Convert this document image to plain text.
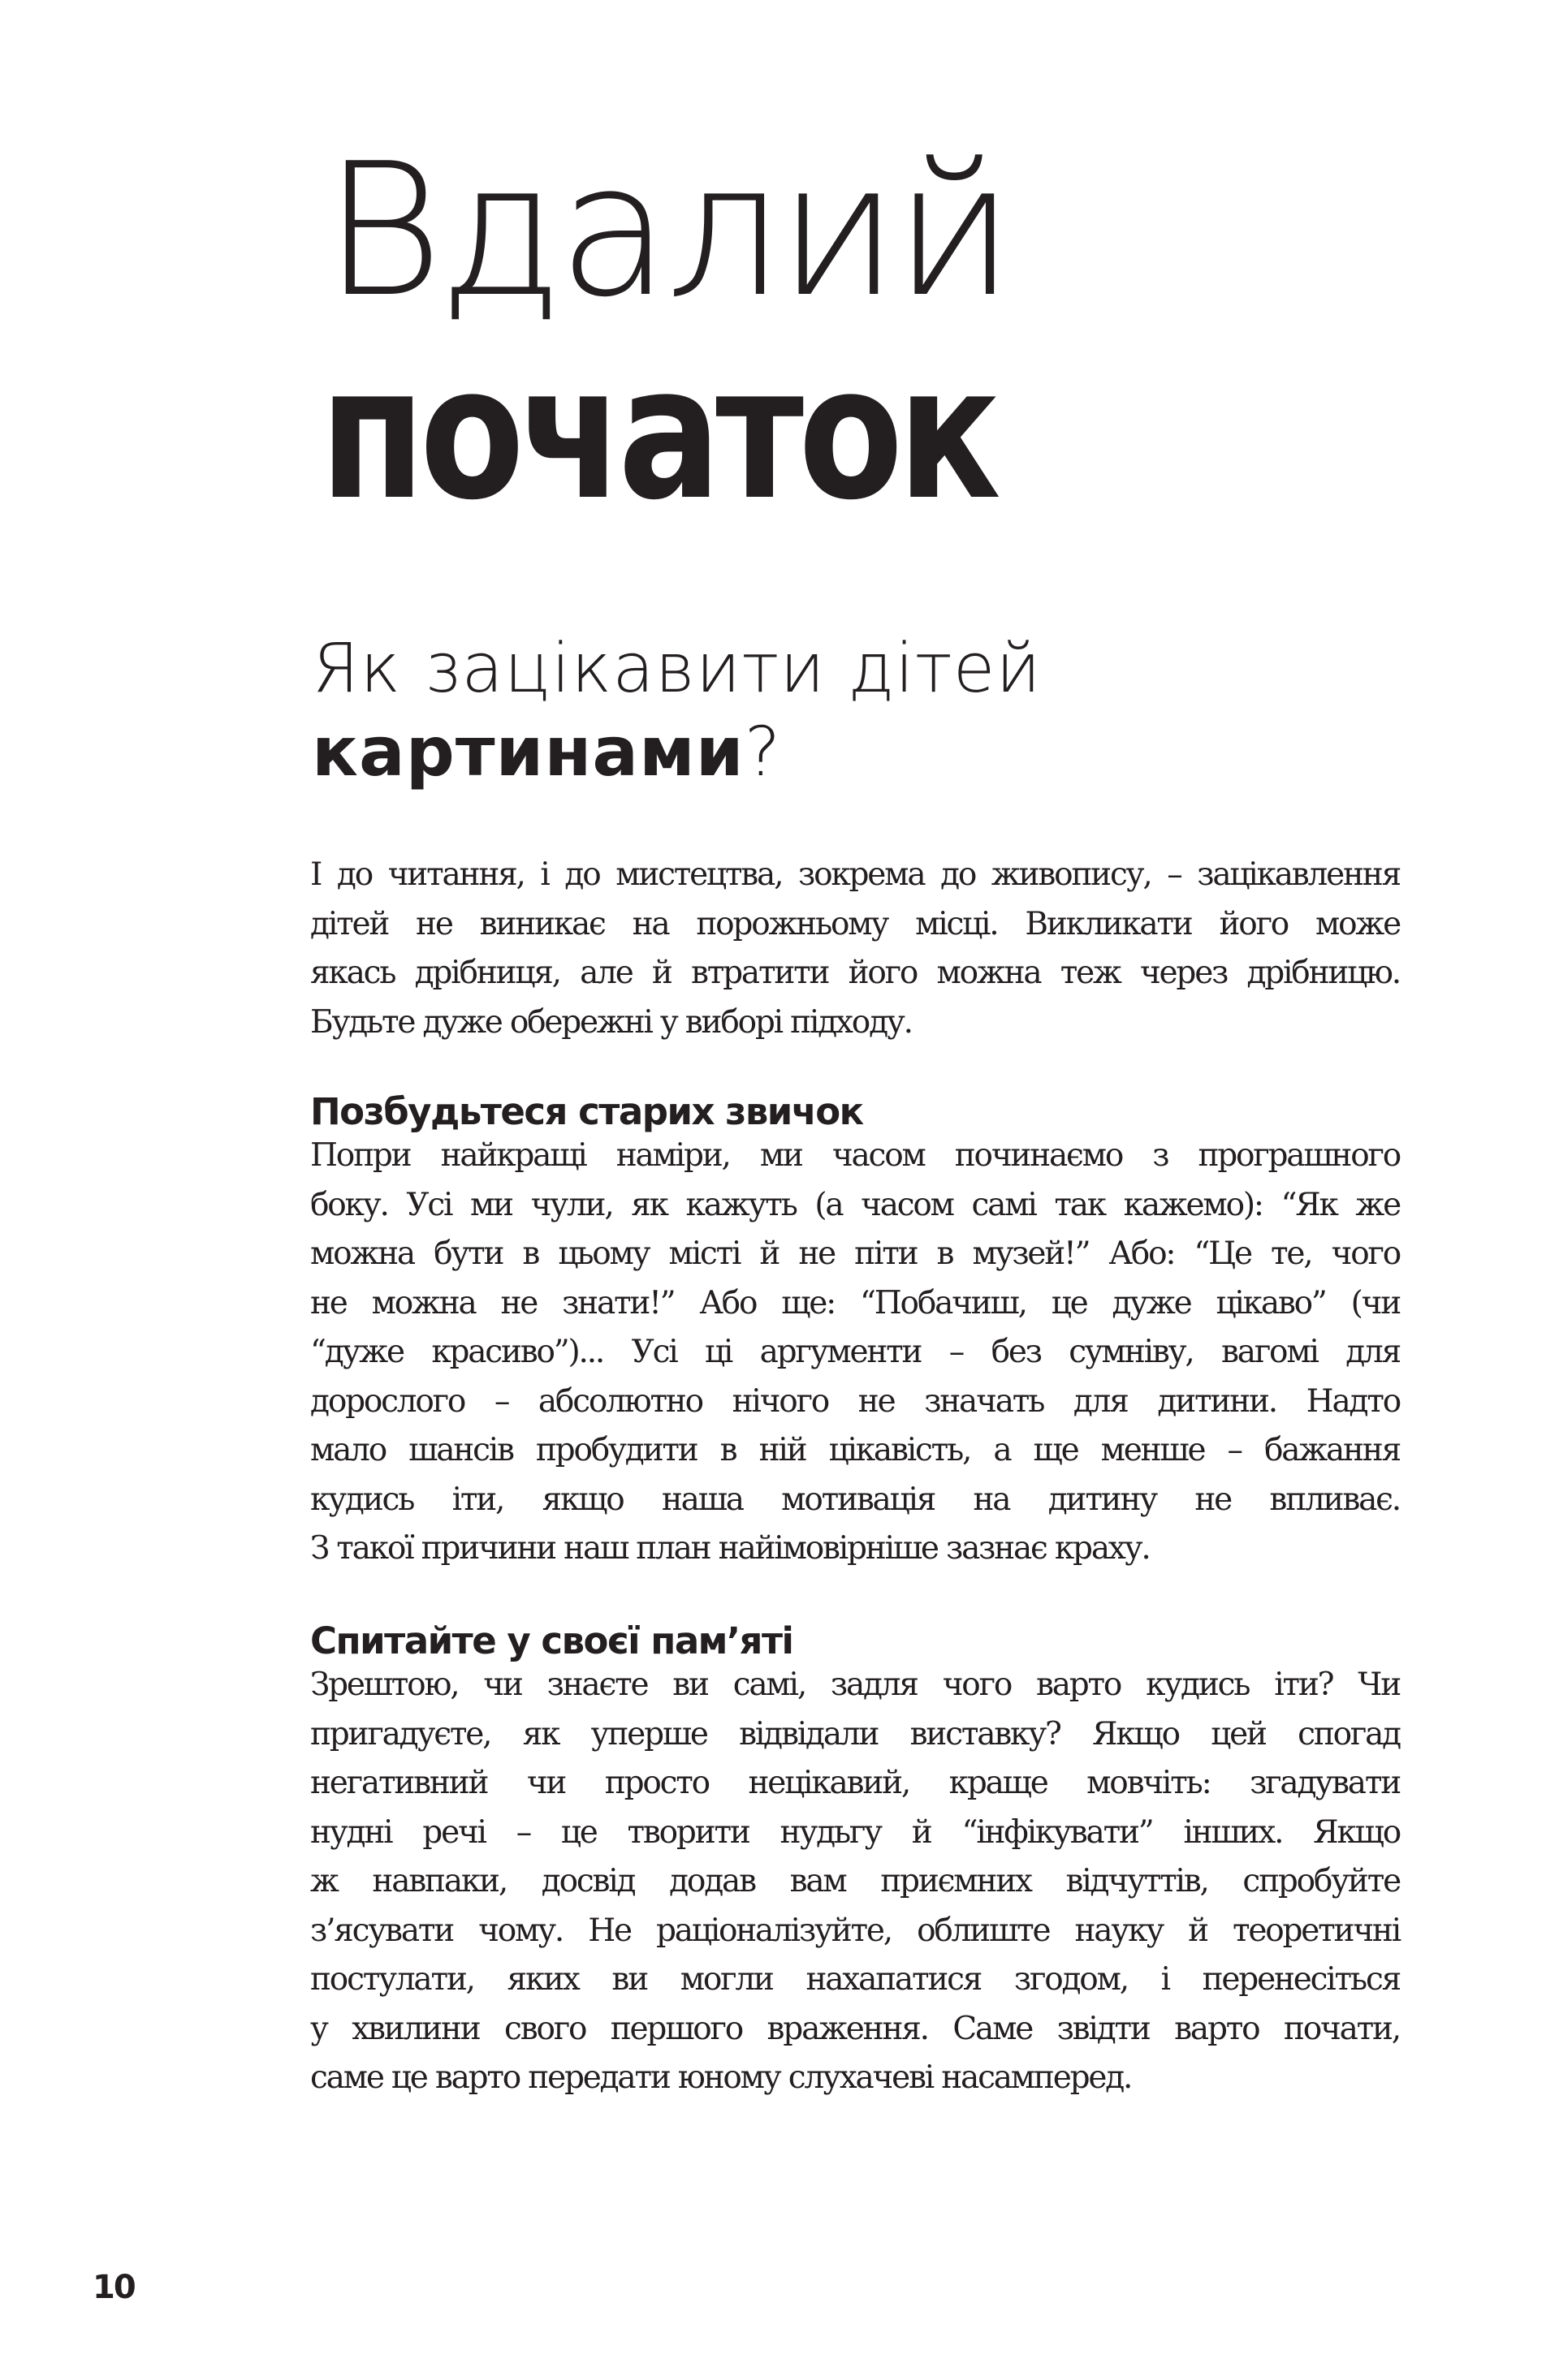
Вдалий
початок
Як зацікавити дітей
картинами?
І до читання, і до мистецтва, зокрема до живопису, – зацікавлення
дітей не виникає на порожньому місці. Викликати його може
якась дрібниця, але й втратити його можна теж через дрібницю.
Будьте дуже обережні у виборі підходу.
Позбудьтеся старих звичок
Попри найкращі наміри, ми часом починаємо з програшного
боку. Усі ми чули, як кажуть (а часом самі так кажемо): “Як же
можна бути в цьому місті й не піти в музей!” Або: “Це те, чого
не можна не знати!” Або ще: “Побачиш, це дуже цікаво” (чи
“дуже красиво”)... Усі ці аргументи – без сумніву, вагомі для
дорослого – абсолютно нічого не значать для дитини. Надто
мало шансів пробудити в ній цікавість, а ще менше – бажання
кудись іти, якщо наша мотивація на дитину не впливає.
З такої причини наш план найімовірніше зазнає краху.
Спитайте у своєї пам’яті
Зрештою, чи знаєте ви самі, задля чого варто кудись іти? Чи
пригадуєте, як уперше відвідали виставку? Якщо цей спогад
негативний чи просто нецікавий, краще мовчіть: згадувати
нудні речі – це творити нудьгу й “інфікувати” інших. Якщо
ж навпаки, досвід додав вам приємних відчуттів, спробуйте
з’ясувати чому. Не раціоналізуйте, облиште науку й теоретичні
постулати, яких ви могли нахапатися згодом, і перенесіться
у хвилини свого першого враження. Саме звідти варто почати,
саме це варто передати юному слухачеві насамперед.
10
